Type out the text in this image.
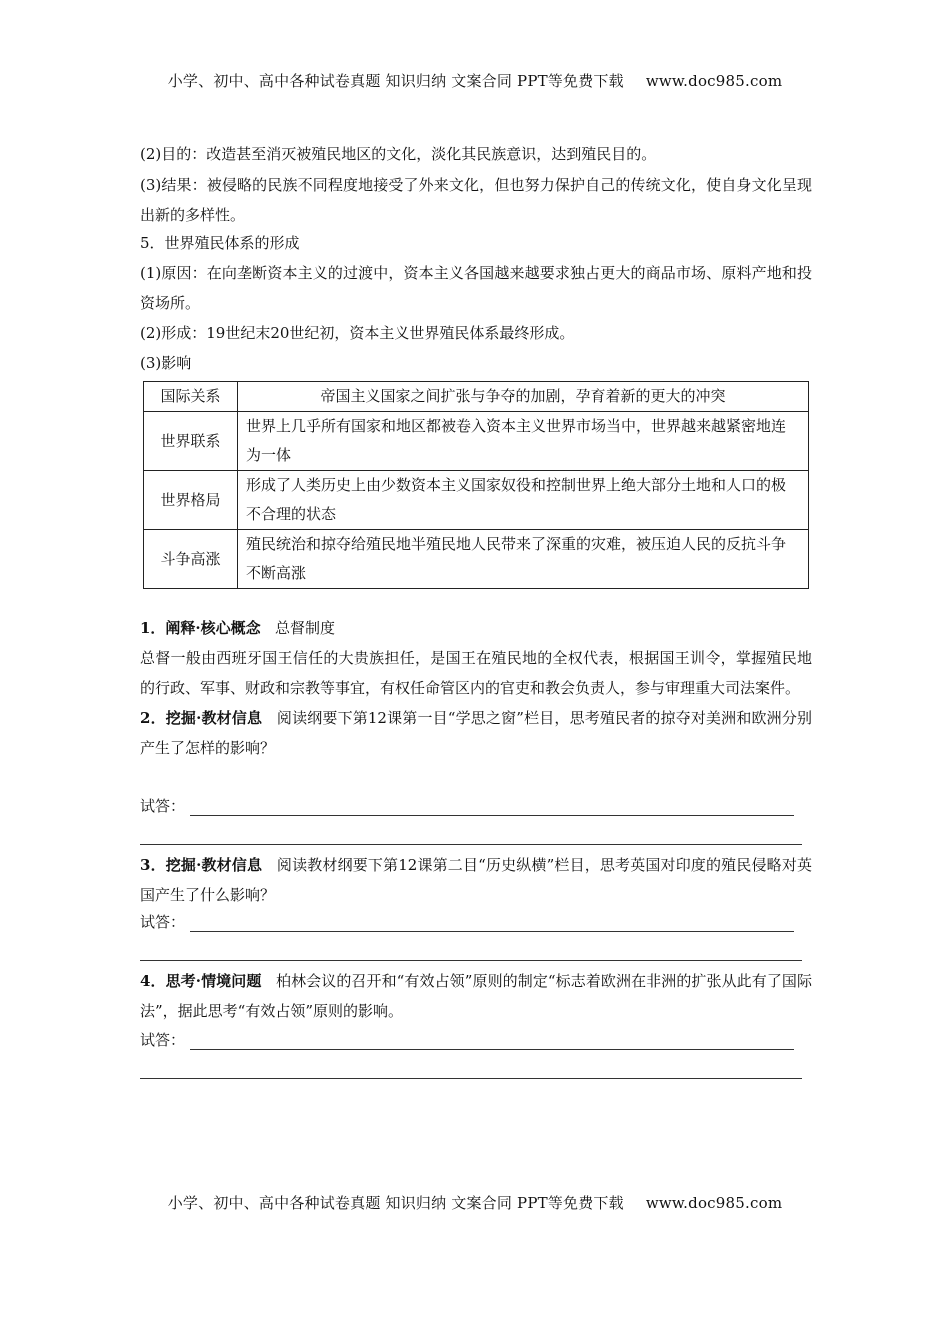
小学、初中、高中各种试卷真题 知识归纳 文案合同 PPT等免费下载 www.doc985.com
(2)目的：改造甚至消灭被殖民地区的文化，淡化其民族意识，达到殖民目的。
(3)结果：被侵略的民族不同程度地接受了外来文化，但也努力保护自己的传统文化，使自身文化呈现出新的多样性。
5．世界殖民体系的形成
(1)原因：在向垄断资本主义的过渡中，资本主义各国越来越要求独占更大的商品市场、原料产地和投资场所。
(2)形成：19世纪末20世纪初，资本主义世界殖民体系最终形成。
(3)影响
国际关系	帝国主义国家之间扩张与争夺的加剧，孕育着新的更大的冲突
世界联系	世界上几乎所有国家和地区都被卷入资本主义世界市场当中，世界越来越紧密地连为一体
世界格局	形成了人类历史上由少数资本主义国家奴役和控制世界上绝大部分土地和人口的极不合理的状态
斗争高涨	殖民统治和掠夺给殖民地半殖民地人民带来了深重的灾难，被压迫人民的反抗斗争不断高涨
1．阐释·核心概念 总督制度
总督一般由西班牙国王信任的大贵族担任，是国王在殖民地的全权代表，根据国王训令，掌握殖民地的行政、军事、财政和宗教等事宜，有权任命管区内的官吏和教会负责人，参与审理重大司法案件。
2．挖掘·教材信息 阅读纲要下第12课第一目“学思之窗”栏目，思考殖民者的掠夺对美洲和欧洲分别产生了怎样的影响？
试答：
3．挖掘·教材信息 阅读教材纲要下第12课第二目“历史纵横”栏目，思考英国对印度的殖民侵略对英国产生了什么影响？
试答：
4．思考·情境问题 柏林会议的召开和“有效占领”原则的制定“标志着欧洲在非洲的扩张从此有了国际法”，据此思考“有效占领”原则的影响。
试答：
小学、初中、高中各种试卷真题 知识归纳 文案合同 PPT等免费下载 www.doc985.com
